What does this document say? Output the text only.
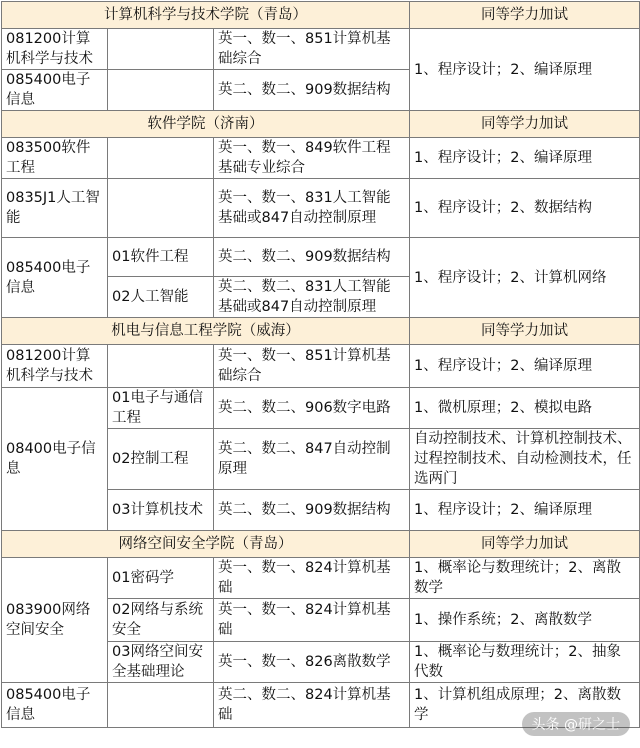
计算机科学与技术学院（青岛）			同等学力加试
081200计算机科学与技术		英一、数一、851计算机基础综合	1、程序设计；2、编译原理
085400电子信息		英二、数二、909数据结构	
软件学院（济南）			同等学力加试
083500软件工程		英一、数一、849软件工程基础专业综合	1、程序设计；2、编译原理
0835J1人工智能		英一、数一、831人工智能基础或847自动控制原理	1、程序设计；2、数据结构
085400电子信息	01软件工程	英二、数二、909数据结构	1、程序设计；2、计算机网络
	02人工智能	英二、数二、831人工智能基础或847自动控制原理	
机电与信息工程学院（威海）			同等学力加试
081200计算机科学与技术		英一、数一、851计算机基础综合	1、程序设计；2、编译原理
08400电子信息	01电子与通信工程	英二、数二、906数字电路	1、微机原理；2、模拟电路
	02控制工程	英二、数二、847自动控制原理	自动控制技术、计算机控制技术、过程控制技术、自动检测技术，任选两门
	03计算机技术	英二、数二、909数据结构	1、程序设计；2、编译原理
网络空间安全学院（青岛）			同等学力加试
083900网络空间安全	01密码学	英一、数一、824计算机基础	1、概率论与数理统计；2、离散数学
	02网络与系统安全	英一、数一、824计算机基础	1、操作系统；2、离散数学
	03网络空间安全基础理论	英一、数一、826离散数学	1、概率论与数理统计；2、抽象代数
085400电子信息		英二、数二、824计算机基础	1、计算机组成原理；2、离散数学
头条 @研之士
